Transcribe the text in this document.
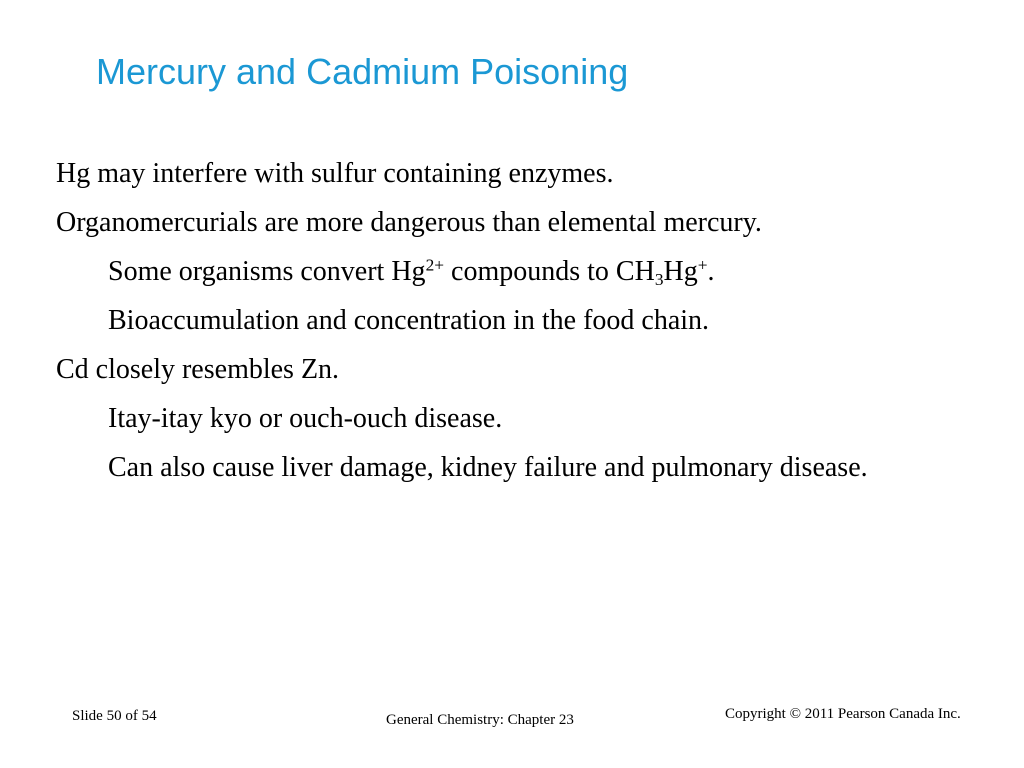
Mercury and Cadmium Poisoning
Hg may interfere with sulfur containing enzymes.
Organomercurials are more dangerous than elemental mercury.
Some organisms convert $Hg^{2+}$ compounds to $CH_3Hg^+$.
Bioaccumulation and concentration in the food chain.
Cd closely resembles Zn.
Itay-itay kyo or ouch-ouch disease.
Can also cause liver damage, kidney failure and pulmonary disease.
Slide 50 of 54	General Chemistry: Chapter 23	Copyright © 2011 Pearson Canada Inc.
